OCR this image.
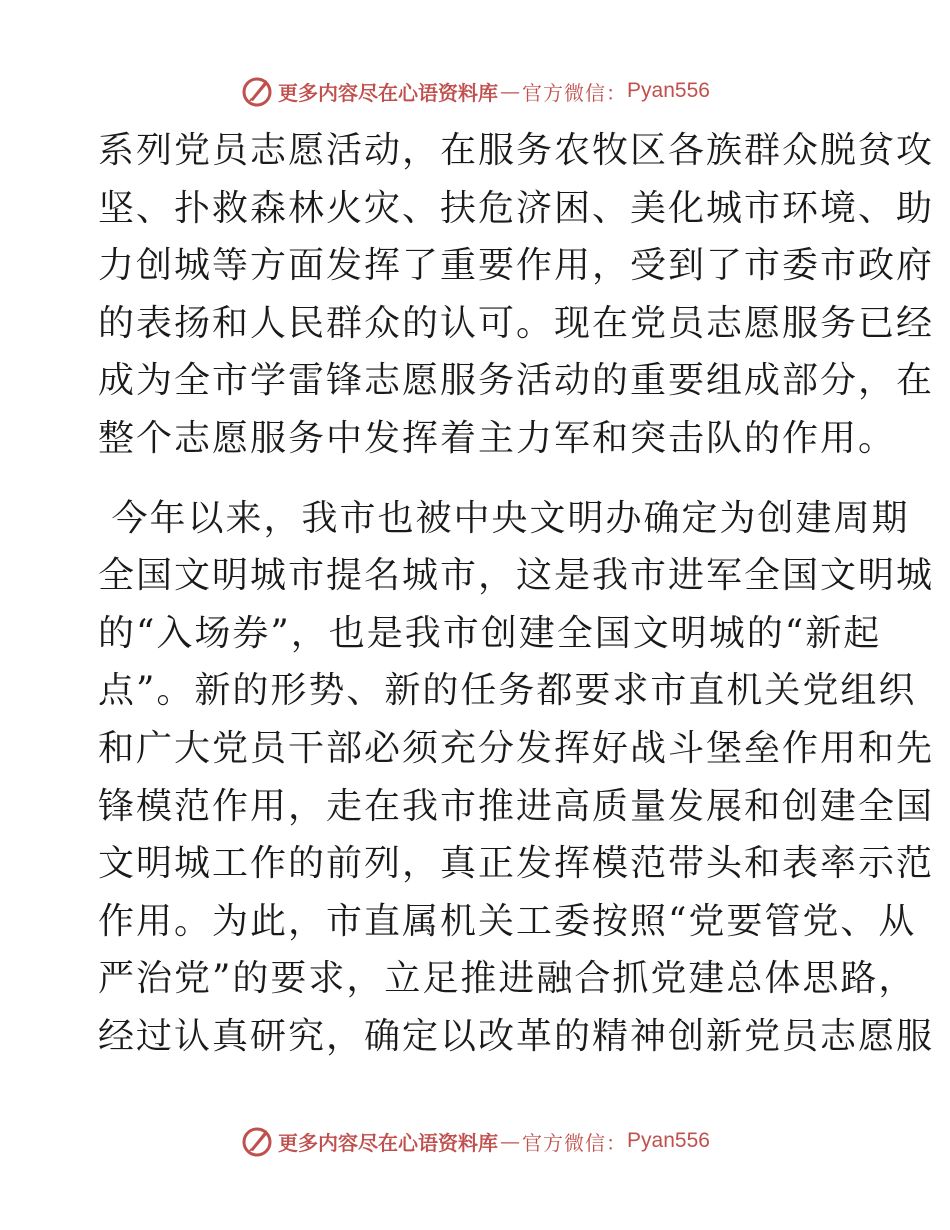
更多内容尽在心语资料库 — 官方微信： Pyan556
系列党员志愿活动，在服务农牧区各族群众脱贫攻
坚、扑救森林火灾、扶危济困、美化城市环境、助
力创城等方面发挥了重要作用，受到了市委市政府
的表扬和人民群众的认可。现在党员志愿服务已经
成为全市学雷锋志愿服务活动的重要组成部分，在
整个志愿服务中发挥着主力军和突击队的作用。
今年以来，我市也被中央文明办确定为创建周期
全国文明城市提名城市，这是我市进军全国文明城
的“入场券”，也是我市创建全国文明城的“新起
点”。新的形势、新的任务都要求市直机关党组织
和广大党员干部必须充分发挥好战斗堡垒作用和先
锋模范作用，走在我市推进高质量发展和创建全国
文明城工作的前列，真正发挥模范带头和表率示范
作用。为此，市直属机关工委按照“党要管党、从
严治党”的要求，立足推进融合抓党建总体思路，
经过认真研究，确定以改革的精神创新党员志愿服
更多内容尽在心语资料库 — 官方微信： Pyan556
